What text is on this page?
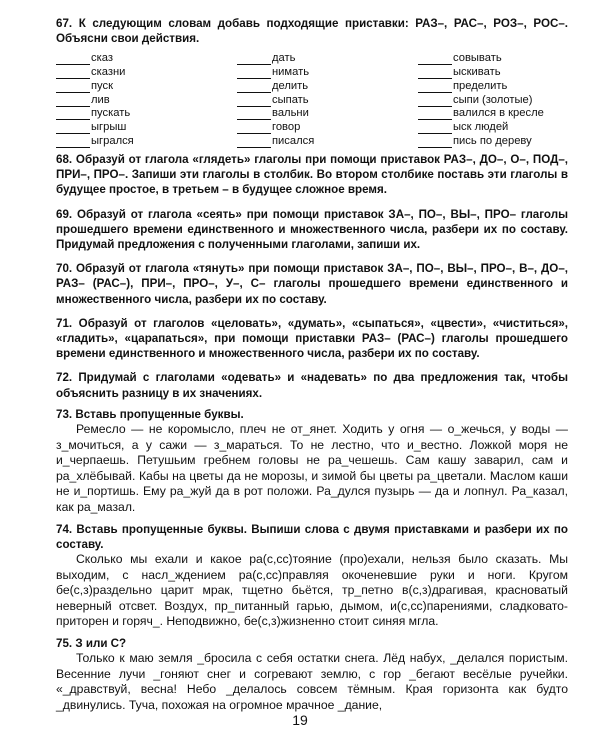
67. К следующим словам добавь подходящие приставки: РАЗ–, РАС–, РОЗ–, РОС–. Объясни свои действия.

сказ
сказни
пуск
лив
пускать
ыгрыш
ыгрался
дать
нимать
делить
сыпать
вальни
говор
писался
совывать
ыскивать
пределить
сыпи (золотые)
валился в кресле
ыск людей
пись по дереву

68. Образуй от глагола «глядеть» глаголы при помощи приставок РАЗ–, ДО–, О–, ПОД–, ПРИ–, ПРО–. Запиши эти глаголы в столбик. Во втором столбике поставь эти глаголы в будущее простое, в третьем – в будущее сложное время.

69. Образуй от глагола «сеять» при помощи приставок ЗА–, ПО–, ВЫ–, ПРО– глаголы прошедшего времени единственного и множественного числа, разбери их по составу. Придумай предложения с полученными глаголами, запиши их.

70. Образуй от глагола «тянуть» при помощи приставок ЗА–, ПО–, ВЫ–, ПРО–, В–, ДО–, РАЗ– (РАС–), ПРИ–, ПРО–, У–, С– глаголы прошедшего времени единственного и множественного числа, разбери их по составу.

71. Образуй от глаголов «целовать», «думать», «сыпаться», «цвести», «чиститься», «гладить», «царапаться», при помощи приставки РАЗ– (РАС–) глаголы прошедшего времени единственного и множественного числа, разбери их по составу.

72. Придумай с глаголами «одевать» и «надевать» по два предложения так, чтобы объяснить разницу в их значениях.

73. Вставь пропущенные буквы.

Ремесло — не коромысло, плеч не от_янет. Ходить у огня — о_жечься, у воды — з_мочиться, а у сажи — з_мараться. То не лестно, что и_вестно. Ложкой моря не и_черпаешь. Петушьим гребнем головы не ра_чешешь. Сам кашу заварил, сам и ра_хлёбывай. Кабы на цветы да не морозы, и зимой бы цветы ра_цветали. Маслом каши не и_портишь. Ему ра_жуй да в рот положи. Ра_дулся пузырь — да и лопнул. Ра_казал, как ра_мазал.

74. Вставь пропущенные буквы. Выпиши слова с двумя приставками и разбери их по составу.

Сколько мы ехали и какое ра(с,сс)тояние (про)ехали, нельзя было сказать. Мы выходим, с насл_ждением ра(с,сс)правляя окоченевшие руки и ноги. Кругом бе(с,з)раздельно царит мрак, тщетно бьётся, тр_петно в(с,з)драгивая, красноватый неверный отсвет. Воздух, пр_питанный гарью, дымом, и(с,сс)парениями, сладковато-приторен и горяч_. Неподвижно, бе(с,з)жизненно стоит синяя мгла.

75. З или С?

Только к маю земля _бросила с себя остатки снега. Лёд набух, _делался пористым. Весенние лучи _гоняют снег и согревают землю, с гор _бегают весёлые ручейки. «_дравствуй, весна! Небо _делалось совсем тёмным. Края горизонта как будто _двинулись. Туча, похожая на огромное мрачное _дание,

19
